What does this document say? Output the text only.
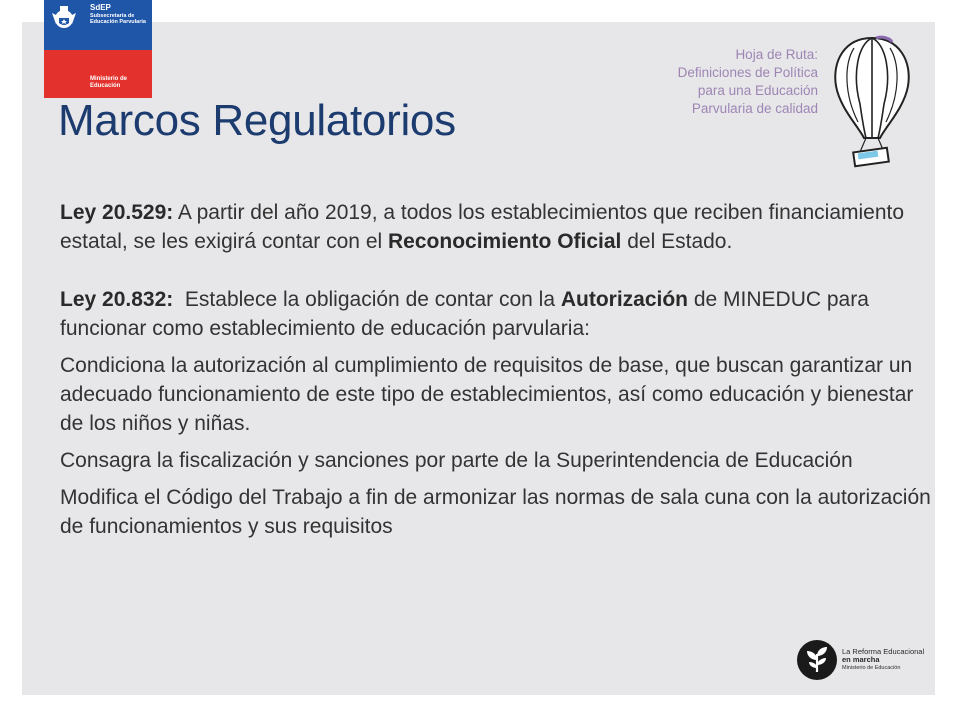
SdEP
Subsecretaría de
Educación Parvularia
Ministerio de
Educación
Hoja de Ruta:
Definiciones de Política
para una Educación
Parvularia de calidad
Marcos Regulatorios

Ley 20.529: A partir del año 2019, a todos los establecimientos que reciben financiamiento estatal, se les exigirá contar con el Reconocimiento Oficial del Estado.

Ley 20.832:  Establece la obligación de contar con la Autorización de MINEDUC para funcionar como establecimiento de educación parvularia:

Condiciona la autorización al cumplimiento de requisitos de base, que buscan garantizar un adecuado funcionamiento de este tipo de establecimientos, así como educación y bienestar de los niños y niñas.

Consagra la fiscalización y sanciones por parte de la Superintendencia de Educación

Modifica el Código del Trabajo a fin de armonizar las normas de sala cuna con la autorización de funcionamientos y sus requisitos

La Reforma Educacional
en marcha
Ministerio de Educación
